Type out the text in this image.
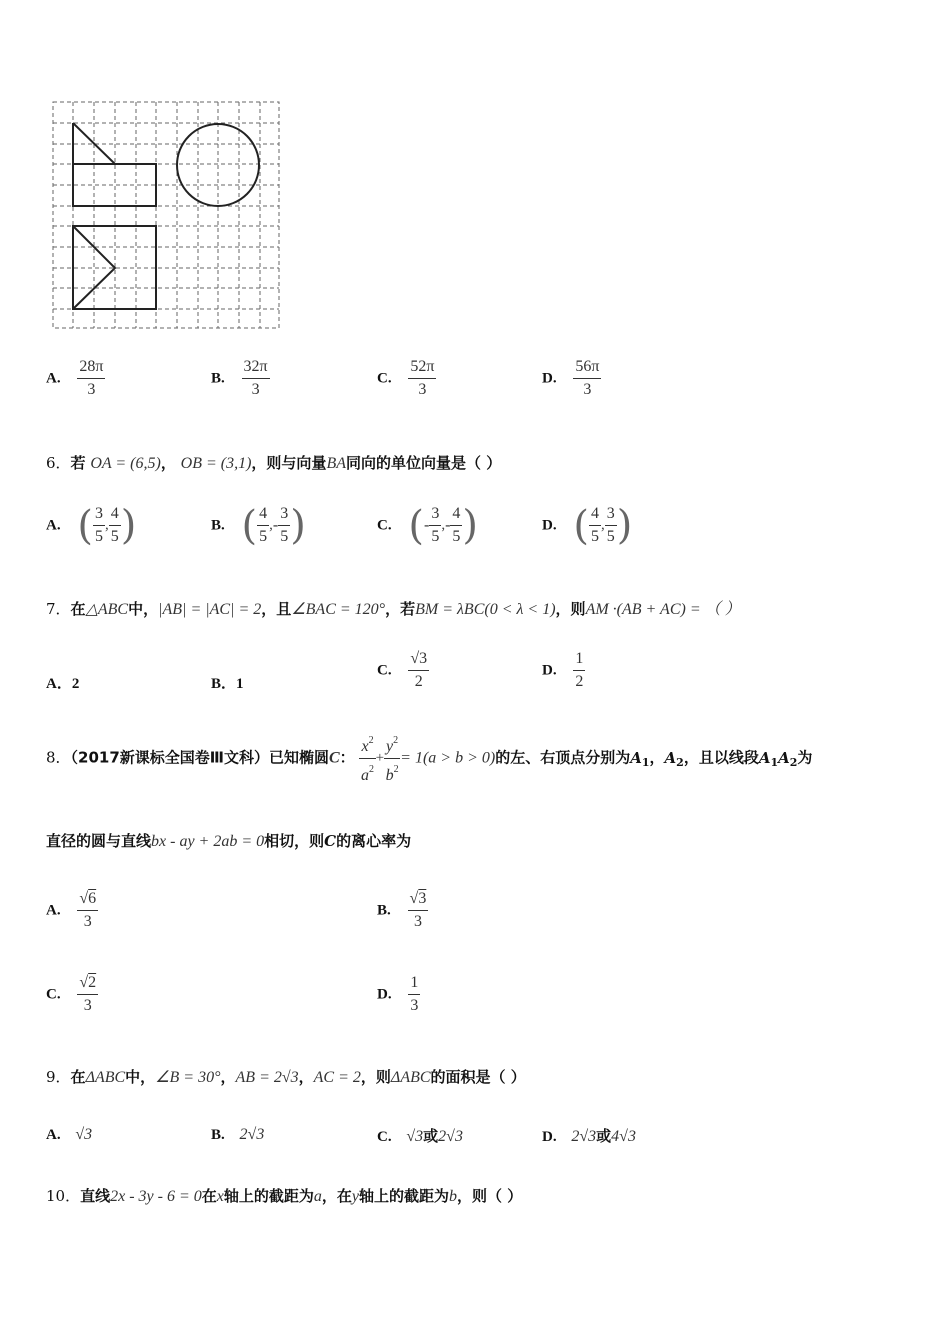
A. $\frac{28\pi}{3}$	B. $\frac{32\pi}{3}$	C. $\frac{52\pi}{3}$	D. $\frac{56\pi}{3}$
6．若 OA = (6,5)， OB = (3,1)，则与向量BA同向的单位向量是（ ）
A. ( $\frac{3}{5}$ , $\frac{4}{5}$ )	B. ( $\frac{4}{5}$ ,- $\frac{3}{5}$ )	C. (- $\frac{3}{5}$ ,- $\frac{4}{5}$ )	D. ( $\frac{4}{5}$ , $\frac{3}{5}$ )
7．在△ABC中，|AB| = |AC| = 2，且∠BAC = 120°，若BM = λBC(0 < λ < 1)，则AM ·(AB + AC) = （ ）
A．2	B．1
C. $\frac{√3}{2}$	D. $\frac{1}{2}$
8．（2017新课标全国卷Ⅲ文科）已知椭圆C： $\frac{x^2}{a^2} + \frac{y^2}{b^2} = 1(a > b > 0)$的左、右顶点分别为$A_1$，$A_2$，且以线段$A_1A_2$为
直径的圆与直线bx - ay + 2ab = 0相切，则C的离心率为
A. $\frac{√6}{3}$	B. $\frac{√3}{3}$
C. $\frac{√2}{3}$	D. $\frac{1}{3}$
9．在ΔABC中，∠B = 30°，AB = 2√3，AC = 2，则ΔABC的面积是（ ）
A. √3	B. 2√3	C. √3或2√3	D. 2√3或4√3
10．直线2x - 3y - 6 = 0在x轴上的截距为a，在y轴上的截距为b，则（ ）
